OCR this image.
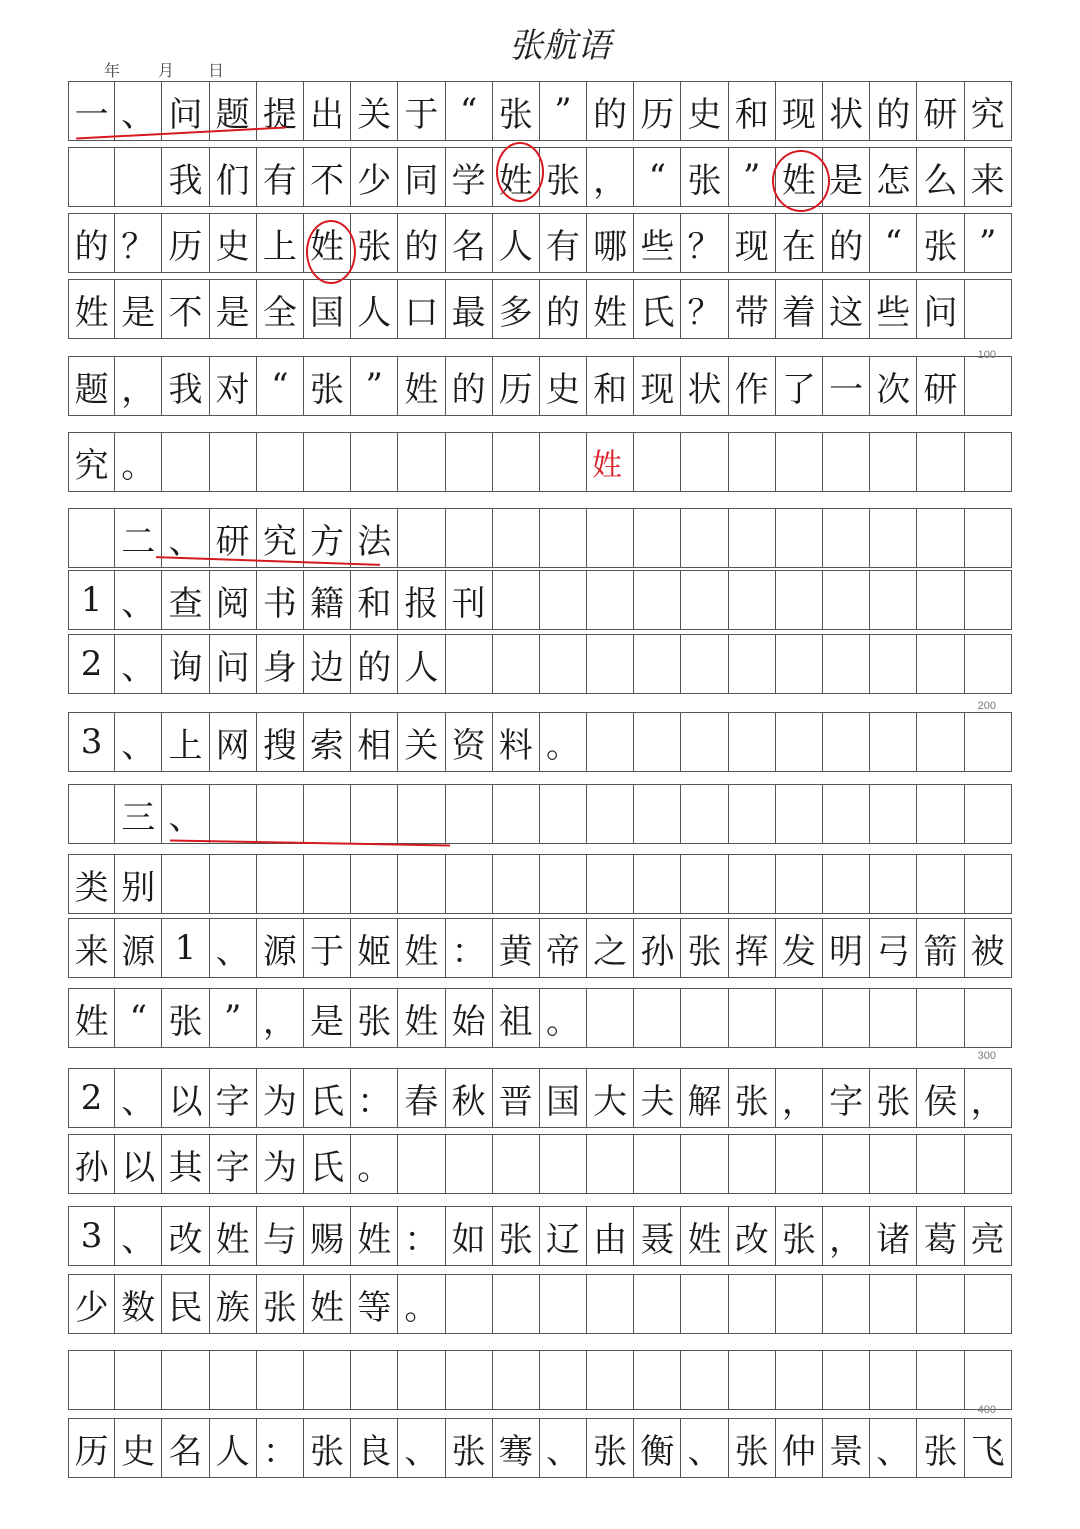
张航语
年 月 日
一 、 问 题 提 出 关 于 “ 张 ” 的 历 史 和 现 状 的 研 究

我 们 有 不 少 同 学 姓 张 ， “ 张 ” 姓 是 怎 么 来
的 ？ 历 史 上 姓 张 的 名 人 有 哪 些 ？ 现 在 的 “ 张 ”
姓 是 不 是 全 国 人 口 最 多 的 姓 氏 ？ 带 着 这 些 问
题 ， 我 对 “ 张 ” 姓 的 历 史 和 现 状 作 了 一 次 研
究 。

二 、 研 究 方 法
1 、 查 阅 书 籍 和 报 刊
2 、 询 问 身 边 的 人
3 、 上 网 搜 索 相 关 资 料 。

三 、
类 别
来 源 1 、 源 于 姬 姓 ： 黄 帝 之 孙 张 挥 发 明 弓 箭 被
姓 “ 张 ” ， 是 张 姓 始 祖 。
2 、 以 字 为 氏 ： 春 秋 晋 国 大 夫 解 张 ， 字 张 侯 ，
孙 以 其 字 为 氏 。
3 、 改 姓 与 赐 姓 ： 如 张 辽 由 聂 姓 改 张 ， 诸 葛 亮
少 数 民 族 张 姓 等 。
历 史 名 人 ： 张 良 、 张 骞 、 张 衡 、 张 仲 景 、 张 飞
100
200
300
400
姓
